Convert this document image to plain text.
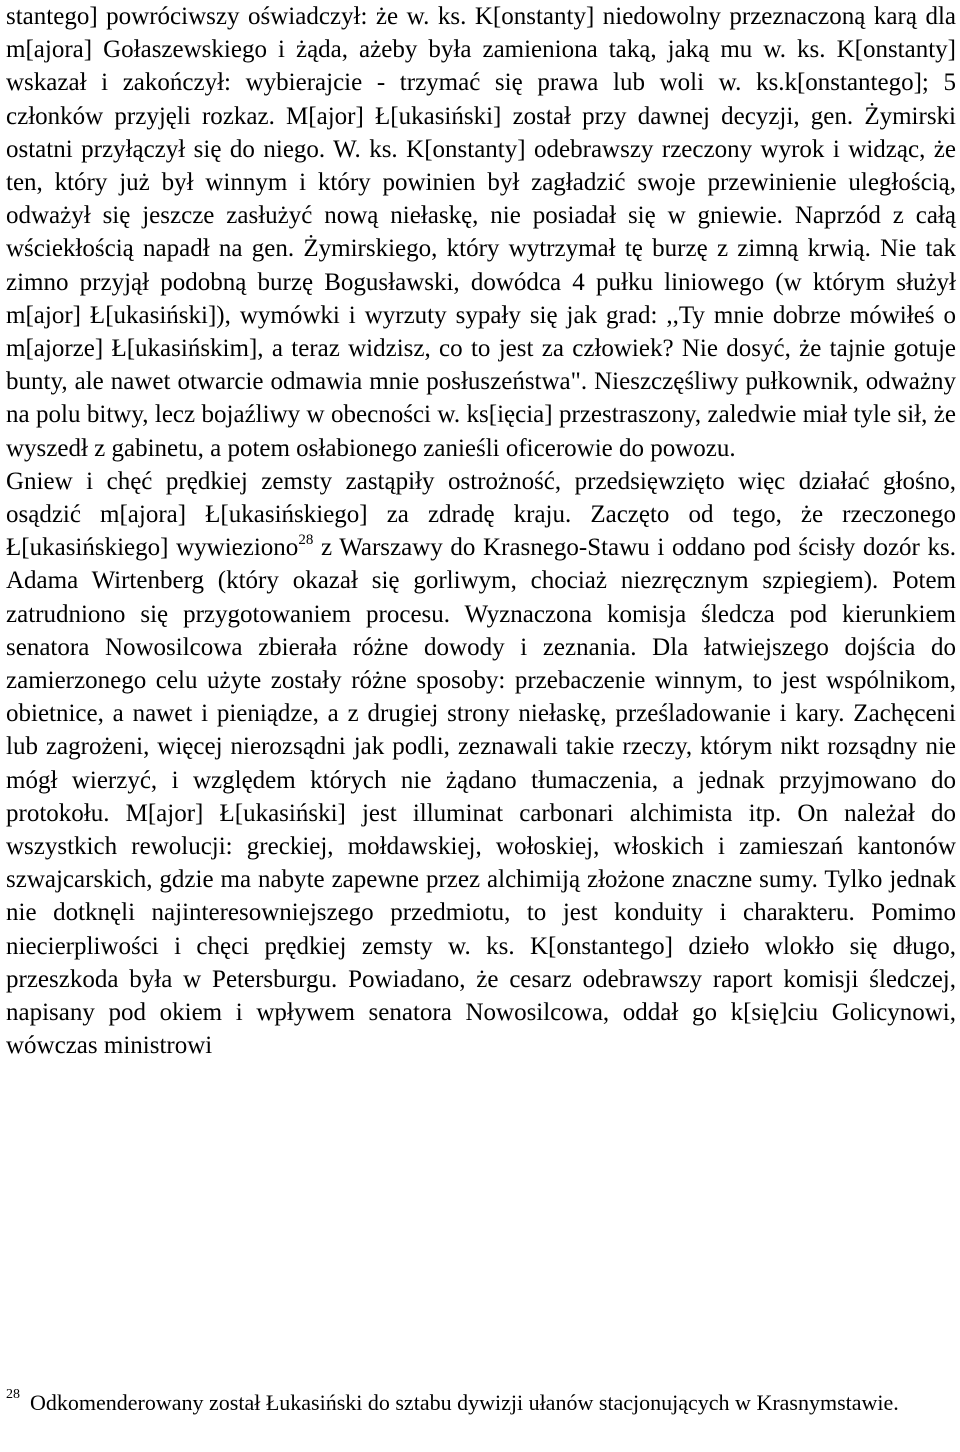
stantego] powróciwszy oświadczył: że w. ks. K[onstanty] niedowolny przeznaczoną karą dla m[ajora] Gołaszewskiego i żąda, ażeby była zamieniona taką, jaką mu w. ks. K[onstanty] wskazał i zakończył: wybierajcie - trzymać się prawa lub woli w. ks.k[onstantego]; 5 członków przyjęli rozkaz. M[ajor] Ł[ukasiński] został przy dawnej decyzji, gen. Żymirski ostatni przyłączył się do niego. W. ks. K[onstanty] odebrawszy rzeczony wyrok i widząc, że ten, który już był winnym i który powinien był zagładzić swoje przewinienie uległością, odważył się jeszcze zasłużyć nową niełaskę, nie posiadał się w gniewie. Naprzód z całą wściekłością napadł na gen. Żymirskiego, który wytrzymał tę burzę z zimną krwią. Nie tak zimno przyjął podobną burzę Bogusławski, dowódca 4 pułku liniowego (w którym służył m[ajor] Ł[ukasiński]), wymówki i wyrzuty sypały się jak grad: ,,Ty mnie dobrze mówiłeś o m[ajorze] Ł[ukasińskim], a teraz widzisz, co to jest za człowiek? Nie dosyć, że tajnie gotuje bunty, ale nawet otwarcie odmawia mnie posłuszeństwa". Nieszczęśliwy pułkownik, odważny na polu bitwy, lecz bojaźliwy w obecności w. ks[ięcia] przestraszony, zaledwie miał tyle sił, że wyszedł z gabinetu, a potem osłabionego zanieśli oficerowie do powozu.

Gniew i chęć prędkiej zemsty zastąpiły ostrożność, przedsięwzięto więc działać głośno, osądzić m[ajora] Ł[ukasińskiego] za zdradę kraju. Zaczęto od tego, że rzeczonego Ł[ukasińskiego] wywieziono$^{28}$ z Warszawy do Krasnego-Stawu i oddano pod ścisły dozór ks. Adama Wirtenberg (który okazał się gorliwym, chociaż niezręcznym szpiegiem). Potem zatrudniono się przygotowaniem procesu. Wyznaczona komisja śledcza pod kierunkiem senatora Nowosilcowa zbierała różne dowody i zeznania. Dla łatwiejszego dojścia do zamierzonego celu użyte zostały różne sposoby: przebaczenie winnym, to jest wspólnikom, obietnice, a nawet i pieniądze, a z drugiej strony niełaskę, prześladowanie i kary. Zachęceni lub zagrożeni, więcej nierozsądni jak podli, zeznawali takie rzeczy, którym nikt rozsądny nie mógł wierzyć, i względem których nie żądano tłumaczenia, a jednak przyjmowano do protokołu. M[ajor] Ł[ukasiński] jest illuminat carbonari alchimista itp. On należał do wszystkich rewolucji: greckiej, mołdawskiej, wołoskiej, włoskich i zamieszań kantonów szwajcarskich, gdzie ma nabyte zapewne przez alchimiją złożone znaczne sumy. Tylko jednak nie dotknęli najinteresowniejszego przedmiotu, to jest konduity i charakteru. Pomimo niecierpliwości i chęci prędkiej zemsty w. ks. K[onstantego] dzieło wlokło się długo, przeszkoda była w Petersburgu. Powiadano, że cesarz odebrawszy raport komisji śledczej, napisany pod okiem i wpływem senatora Nowosilcowa, oddał go k[się]ciu Golicynowi, wówczas ministrowi

$^{28}$ Odkomenderowany został Łukasiński do sztabu dywizji ułanów stacjonujących w Krasnymstawie.
